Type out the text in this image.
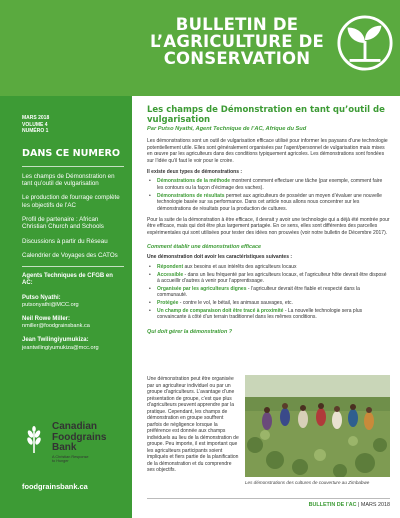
BULLETIN DE
L’AGRICULTURE DE
CONSERVATION
MARS 2018
VOLUME 4
NUMÉRO 1
DANS CE NUMERO
Les champs de Démonstration en tant qu’outil de vulgarisation
Le production de fourrage complète les objectifs de l’AC
Profil de partenaire : African Christian Church and Schools
Discussions à partir du Réseau
Calendrier de Voyages des CATOs
Agents Techniques de CFGB en AC:
Putso Nyathi:
putsonyathi@MCC.org
Neil Rowe Miller:
nmiller@foodgrainsbank.ca
Jean Twilingiyumukiza:
jeantwilingiyumukiza@mcc.org
Canadian
Foodgrains
Bank
A Christian Response
to Hunger
foodgrainsbank.ca
Les champs de Démonstration en tant qu’outil de vulgarisation
Par Putso Nyathi, Agent Technique de l’AC, Afrique du Sud

Les démonstrations sont un outil de vulgarisation efficace utilisé pour informer les paysans d’une technologie potentiellement utile. Elles sont généralement organisées par l’agent/personnel de vulgarisation mais mises en œuvre par les agriculteurs dans des conditions typiquement agricoles. Les démonstrations sont fondées sur l’idée qu’il faut le voir pour le croire.

Il existe deux types de démonstrations :

• Démonstrations de la méthode montrent comment effectuer une tâche (par exemple, comment faire les contours ou la façon d’écimage des vaches).
• Démonstrations de résultats permet aux agriculteurs de posséder un moyen d’évaluer une nouvelle technologie basée sur sa performance. Dans cet article nous allons nous concentrer sur les démonstrations de résultats pour la production de cultures.

Pour la suite de la démonstration à être efficace, il devrait y avoir une technologie qui a déjà été montrée pour être efficace, mais qui doit être plus largement partagée. En ce sens, elles sont différentes des parcelles expérimentales qui sont utilisées pour tester des idées non prouvées (voir notre bulletin de Décembre 2017).

Comment établir une démonstration efficace

Une démonstration doit avoir les caractéristiques suivantes :

• Répondent aux besoins et aux intérêts des agriculteurs locaux
• Accessible - dans un lieu fréquenté par les agriculteurs locaux, et l’agriculteur hôte devrait être disposé à accueillir d’autres à venir pour l’apprentissage.
• Organisée par les agriculteurs dignes - l’agriculteur devrait être fiable et respecté dans la communauté.
• Protégée - contre le vol, le bétail, les animaux sauvages, etc.
• Un champ de comparaison doit être tracé à proximité - La nouvelle technologie sera plus convaincante à côté d’un terrain traditionnel dans les mêmes conditions.
Qui doit gérer la démonstration ?

Une démonstration peut être organisée par un agriculteur individuel ou par un groupe d’agriculteurs. L’avantage d’une présentation de groupe, c’est que plus d’agriculteurs peuvent apprendre par la pratique. Cependant, les champs de démonstration en groupe souffrent parfois de négligence lorsque la préférence est donnée aux champs individuels au lieu de la démonstration de groupe. Peu importe, il est important que les agriculteurs participants soient impliqués et fiers partie de la planification de la démonstration et du comprendre ses objectifs.

Les démonstrations des cultures de couverture au Zimbabwe
BULLETIN DE l’AC | MARS 2018
